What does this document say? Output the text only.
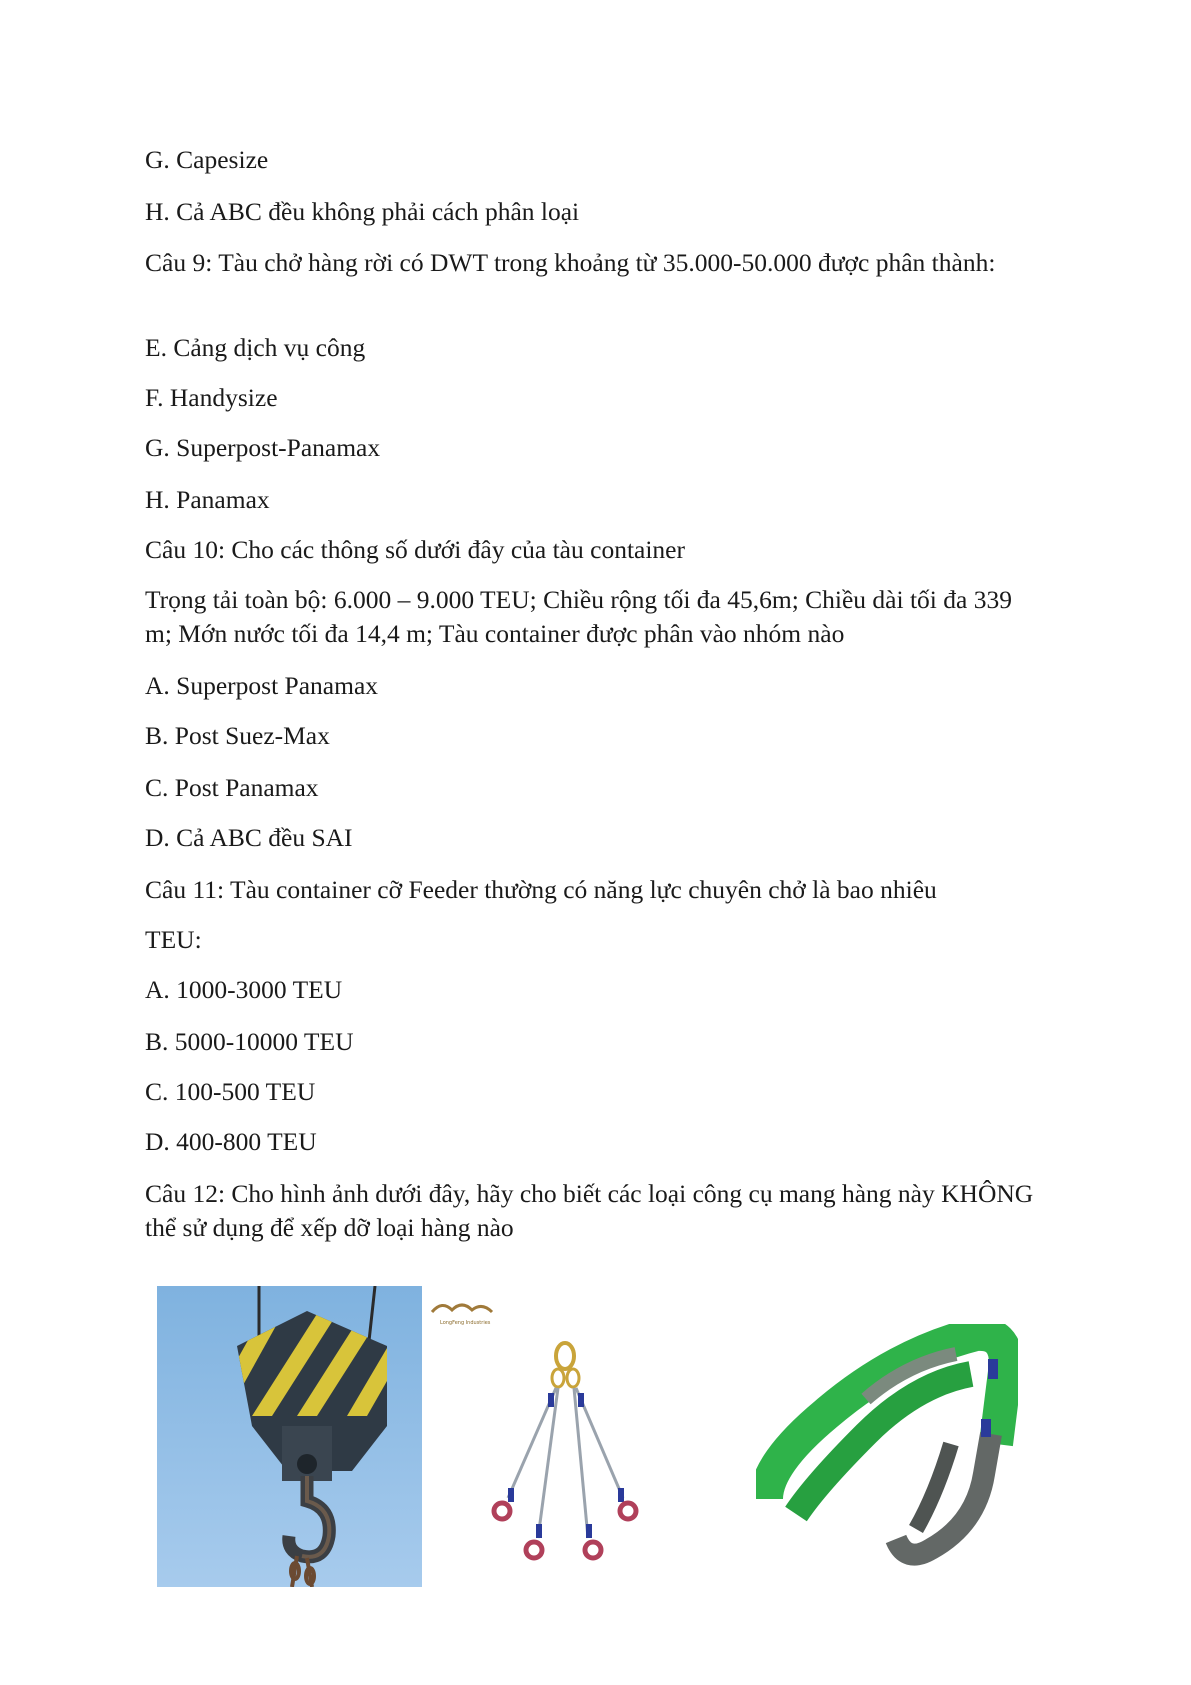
G. Capesize
H. Cả ABC đều không phải cách phân loại
Câu 9: Tàu chở hàng rời có DWT trong khoảng từ 35.000-50.000 được phân thành:
E. Cảng dịch vụ công
F. Handysize
G. Superpost-Panamax
H. Panamax
Câu 10: Cho các thông số dưới đây của tàu container
Trọng tải toàn bộ: 6.000 – 9.000 TEU; Chiều rộng tối đa 45,6m; Chiều dài tối đa 339 m; Mớn nước tối đa 14,4 m; Tàu container được phân vào nhóm nào
A. Superpost Panamax
B. Post Suez-Max
C. Post Panamax
D. Cả ABC đều SAI
Câu 11: Tàu container cỡ Feeder thường có năng lực chuyên chở là bao nhiêu
TEU:
A. 1000-3000 TEU
B. 5000-10000 TEU
C. 100-500 TEU
D. 400-800 TEU
Câu 12: Cho hình ảnh dưới đây, hãy cho biết các loại công cụ mang hàng này KHÔNG thể sử dụng để xếp dỡ loại hàng nào
LongFeng Industries
